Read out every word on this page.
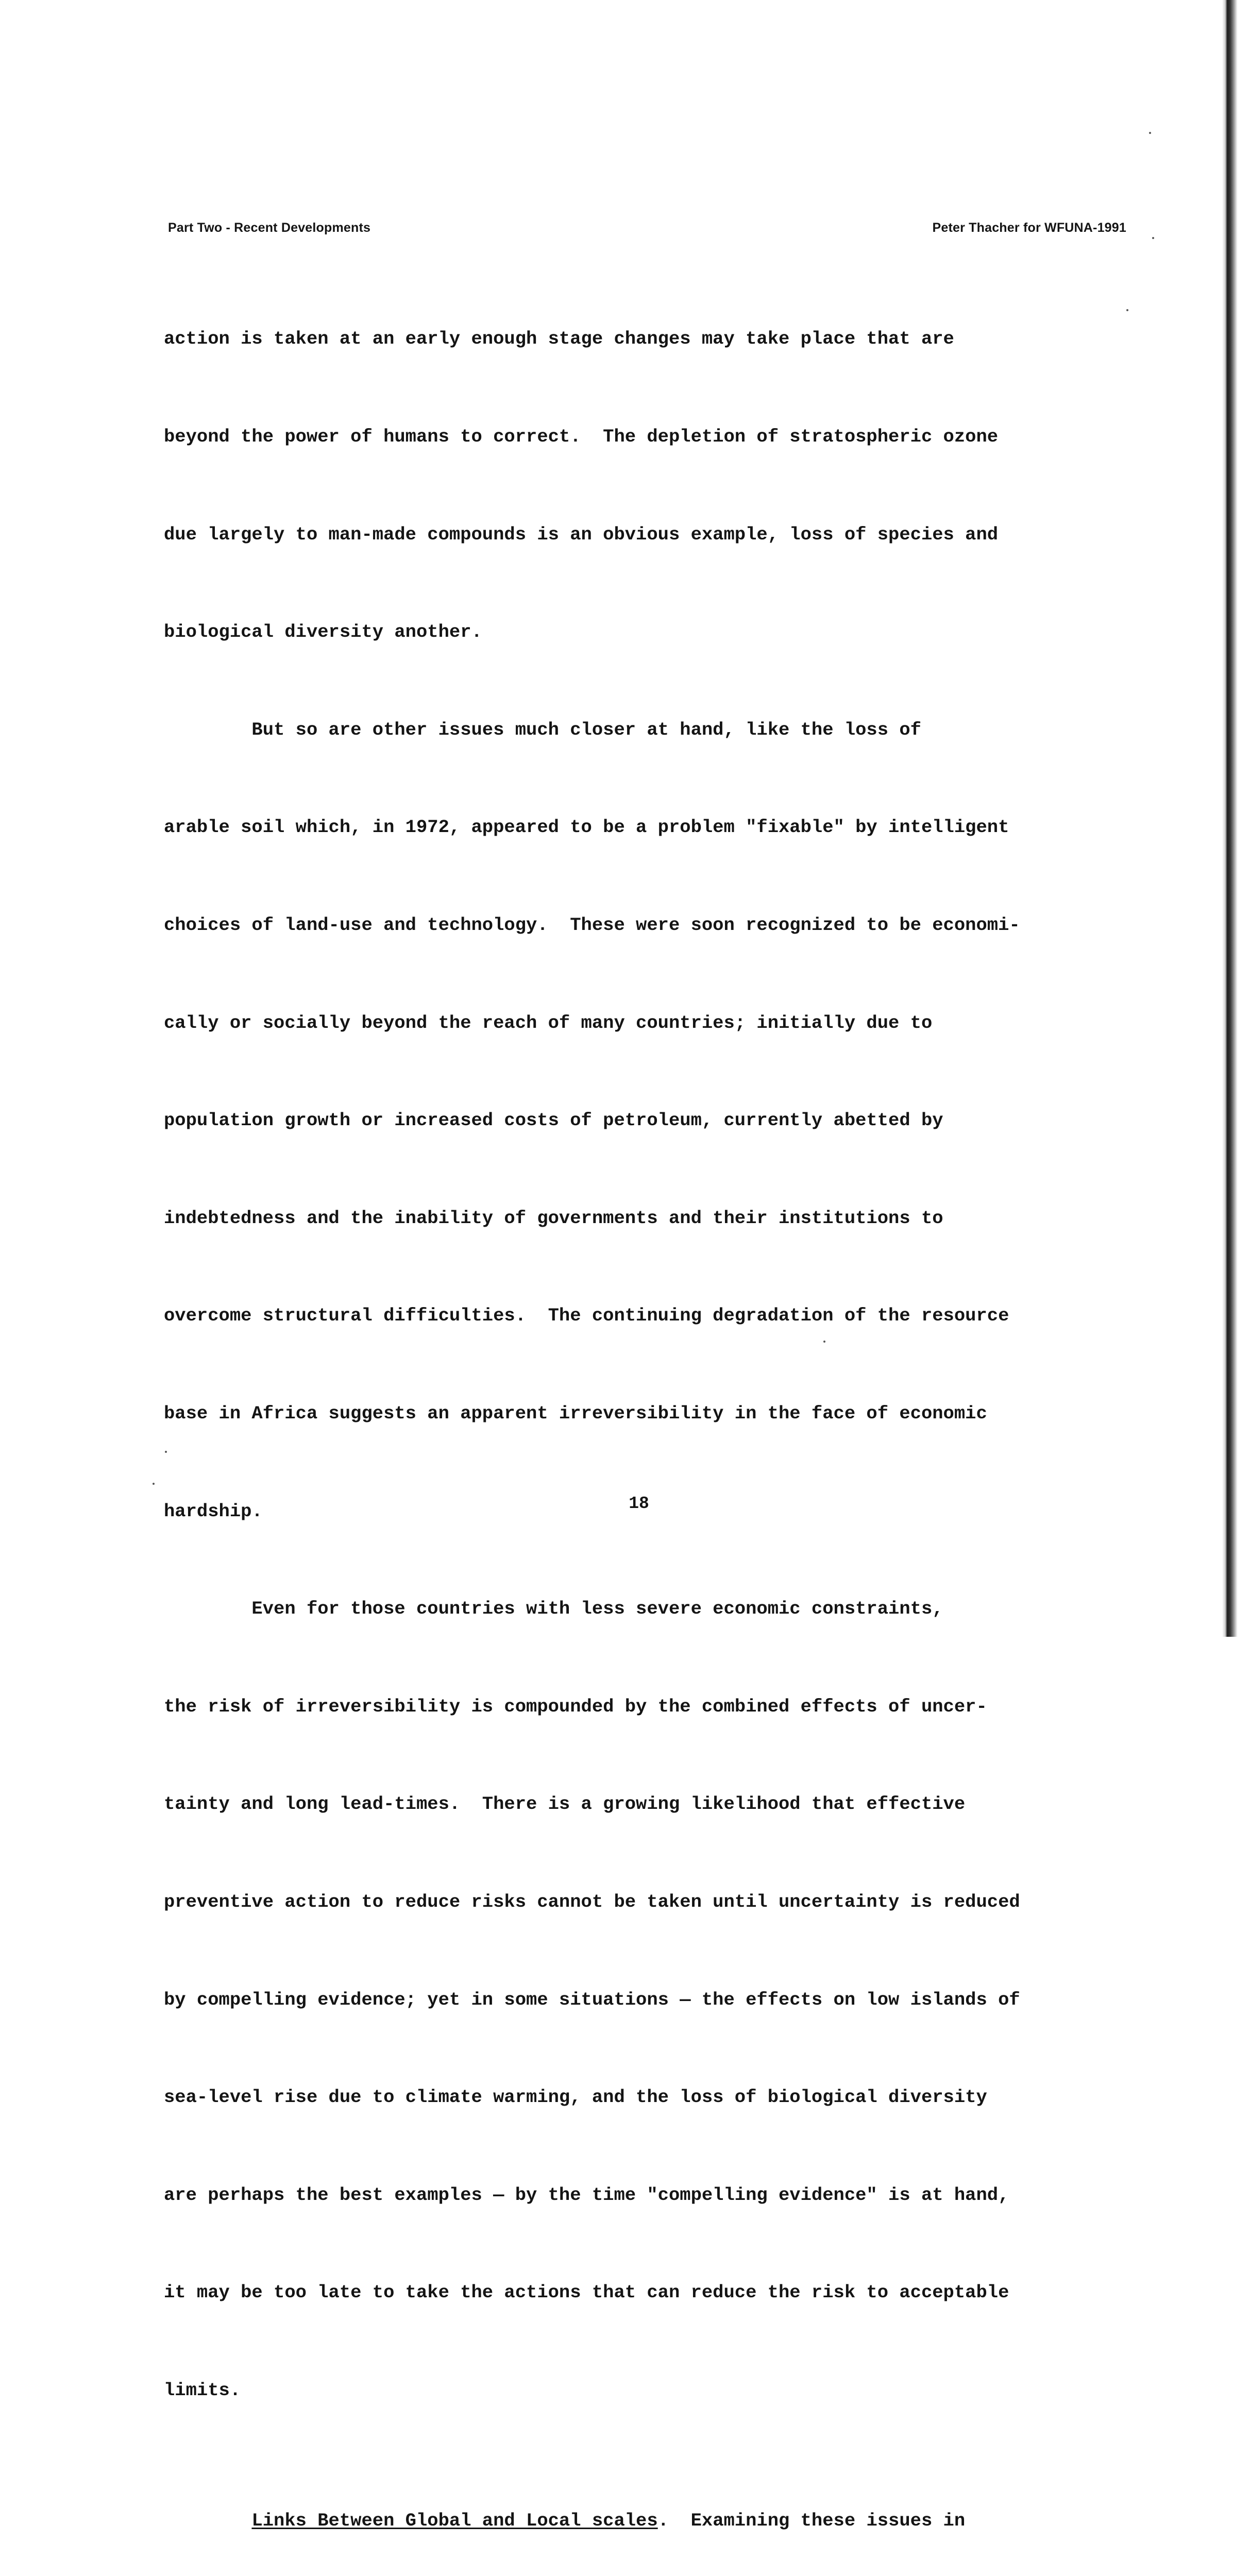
Part Two - Recent Developments	Peter Thacher for WFUNA-1991

action is taken at an early enough stage changes may take place that are

beyond the power of humans to correct.  The depletion of stratospheric ozone

due largely to man-made compounds is an obvious example, loss of species and

biological diversity another.

But so are other issues much closer at hand, like the loss of

arable soil which, in 1972, appeared to be a problem "fixable" by intelligent

choices of land-use and technology.  These were soon recognized to be economi-

cally or socially beyond the reach of many countries; initially due to

population growth or increased costs of petroleum, currently abetted by

indebtedness and the inability of governments and their institutions to

overcome structural difficulties.  The continuing degradation of the resource

base in Africa suggests an apparent irreversibility in the face of economic

hardship.

Even for those countries with less severe economic constraints,

the risk of irreversibility is compounded by the combined effects of uncer-

tainty and long lead-times.  There is a growing likelihood that effective

preventive action to reduce risks cannot be taken until uncertainty is reduced

by compelling evidence; yet in some situations — the effects on low islands of

sea-level rise due to climate warming, and the loss of biological diversity

are perhaps the best examples — by the time "compelling evidence" is at hand,

it may be too late to take the actions that can reduce the risk to acceptable

limits.

Links Between Global and Local scales.  Examining these issues in

18
